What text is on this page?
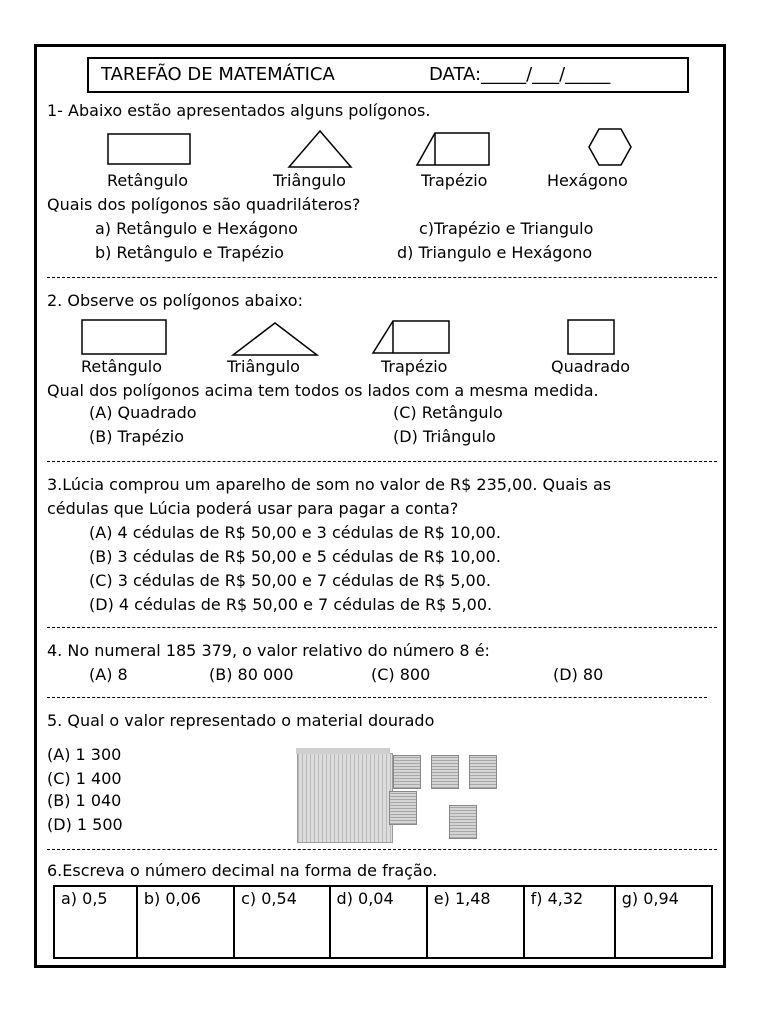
TAREFÃO DE MATEMÁTICA	DATA:_____/___/_____
1- Abaixo estão apresentados alguns polígonos.
Retângulo	Triângulo	Trapézio	Hexágono
Quais dos polígonos são quadriláteros?
a) Retângulo e Hexágono
b) Retângulo e Trapézio
c)Trapézio e Triangulo
d) Triangulo e Hexágono
2. Observe os polígonos abaixo:
Retângulo	Triângulo	Trapézio	Quadrado
Qual dos polígonos acima tem todos os lados com a mesma medida.
(A) Quadrado
(B) Trapézio
(C) Retângulo
(D) Triângulo
3.Lúcia comprou um aparelho de som no valor de R$ 235,00. Quais as
cédulas que Lúcia poderá usar para pagar a conta?
(A) 4 cédulas de R$ 50,00 e 3 cédulas de R$ 10,00.
(B) 3 cédulas de R$ 50,00 e 5 cédulas de R$ 10,00.
(C) 3 cédulas de R$ 50,00 e 7 cédulas de R$ 5,00.
(D) 4 cédulas de R$ 50,00 e 7 cédulas de R$ 5,00.
4. No numeral 185 379, o valor relativo do número 8 é:
(A) 8	(B) 80 000	(C) 800	(D) 80
5. Qual o valor representado o material dourado
(A) 1 300
(C) 1 400
(B) 1 040
(D) 1 500
6.Escreva o número decimal na forma de fração.
a) 0,5	b) 0,06	c) 0,54	d) 0,04	e) 1,48	f) 4,32	g) 0,94
